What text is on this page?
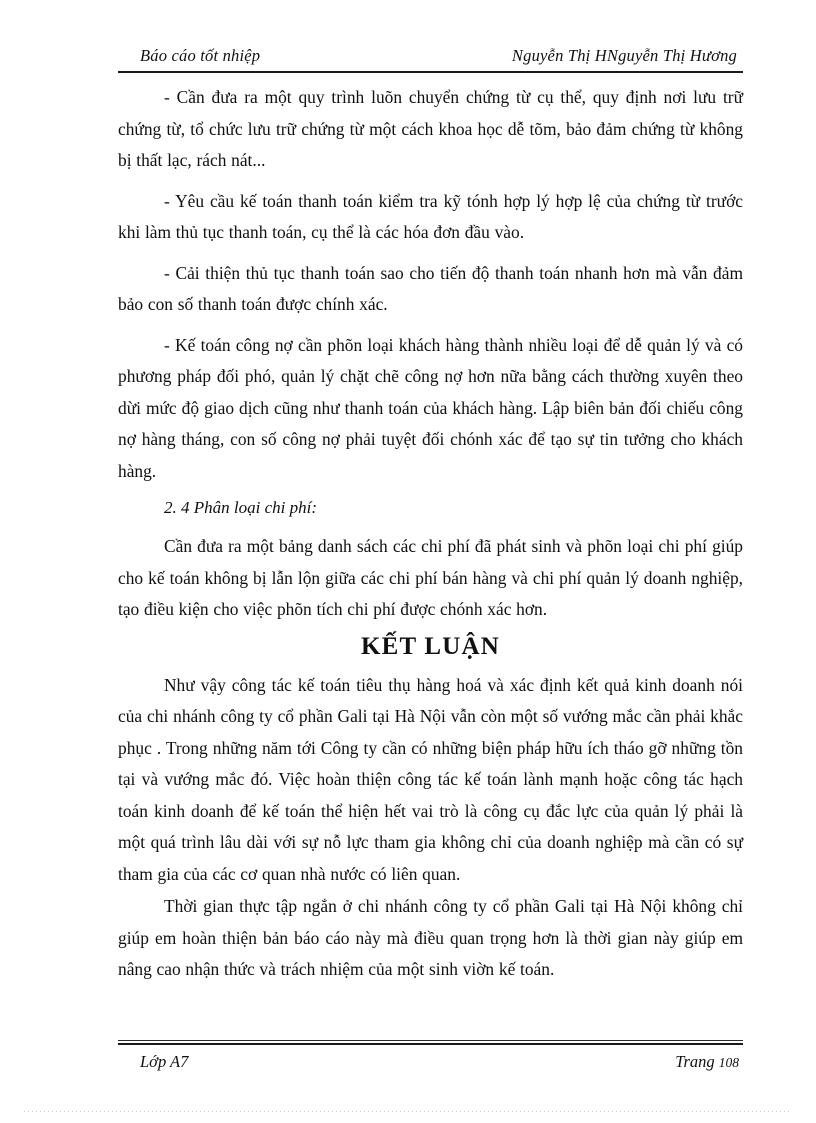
Báo cáo tốt nhiệp	Nguyễn Thị HNguyễn Thị Hương

- Cần đưa ra một quy trình luõn chuyển chứng từ cụ thể, quy định nơi lưu trữ chứng từ, tổ chức lưu trữ chứng từ một cách khoa học dễ tõm, bảo đảm chứng từ không bị thất lạc, rách nát...

- Yêu cầu kế toán thanh toán kiểm tra kỹ tónh hợp lý hợp lệ của chứng từ trước khi làm thủ tục thanh toán, cụ thể là các hóa đơn đầu vào.

- Cải thiện thủ tục thanh toán sao cho tiến độ thanh toán nhanh hơn mà vẫn đảm bảo con số thanh toán được chính xác.

- Kế toán công nợ cần phõn loại khách hàng thành nhiều loại để dễ quản lý và có phương pháp đối phó, quản lý chặt chẽ công nợ hơn nữa bằng cách thường xuyên theo dừi mức độ giao dịch cũng như thanh toán của khách hàng. Lập biên bản đối chiếu công nợ hàng tháng, con số công nợ phải tuyệt đối chónh xác để tạo sự tin tưởng cho khách hàng.

2. 4 Phân loại chi phí:

Cần đưa ra một bảng danh sách các chi phí đã phát sinh và phõn loại chi phí giúp cho kế toán không bị lẫn lộn giữa các chi phí bán hàng và chi phí quản lý doanh nghiệp, tạo điều kiện cho việc phõn tích chi phí được chónh xác hơn.

KẾT LUẬN

Như vậy công tác kế toán tiêu thụ hàng hoá và xác định kết quả kinh doanh nói của chi nhánh công ty cổ phần Gali tại Hà Nội vẫn còn một số vướng mắc cần phải khắc phục . Trong những năm tới Công ty cần có những biện pháp hữu ích tháo gỡ những tồn tại và vướng mắc đó. Việc hoàn thiện công tác kế toán lành mạnh hoặc công tác hạch toán kinh doanh để kế toán thể hiện hết vai trò là công cụ đắc lực của quản lý phải là một quá trình lâu dài với sự nỗ lực tham gia không chỉ của doanh nghiệp mà cần có sự tham gia của các cơ quan nhà nước có liên quan.

Thời gian thực tập ngắn ở chi nhánh công ty cổ phần Gali tại Hà Nội không chỉ giúp em hoàn thiện bản báo cáo này mà điều quan trọng hơn là thời gian này giúp em nâng cao nhận thức và trách nhiệm của một sinh viờn kế toán.

Lớp A7	Trang 108
